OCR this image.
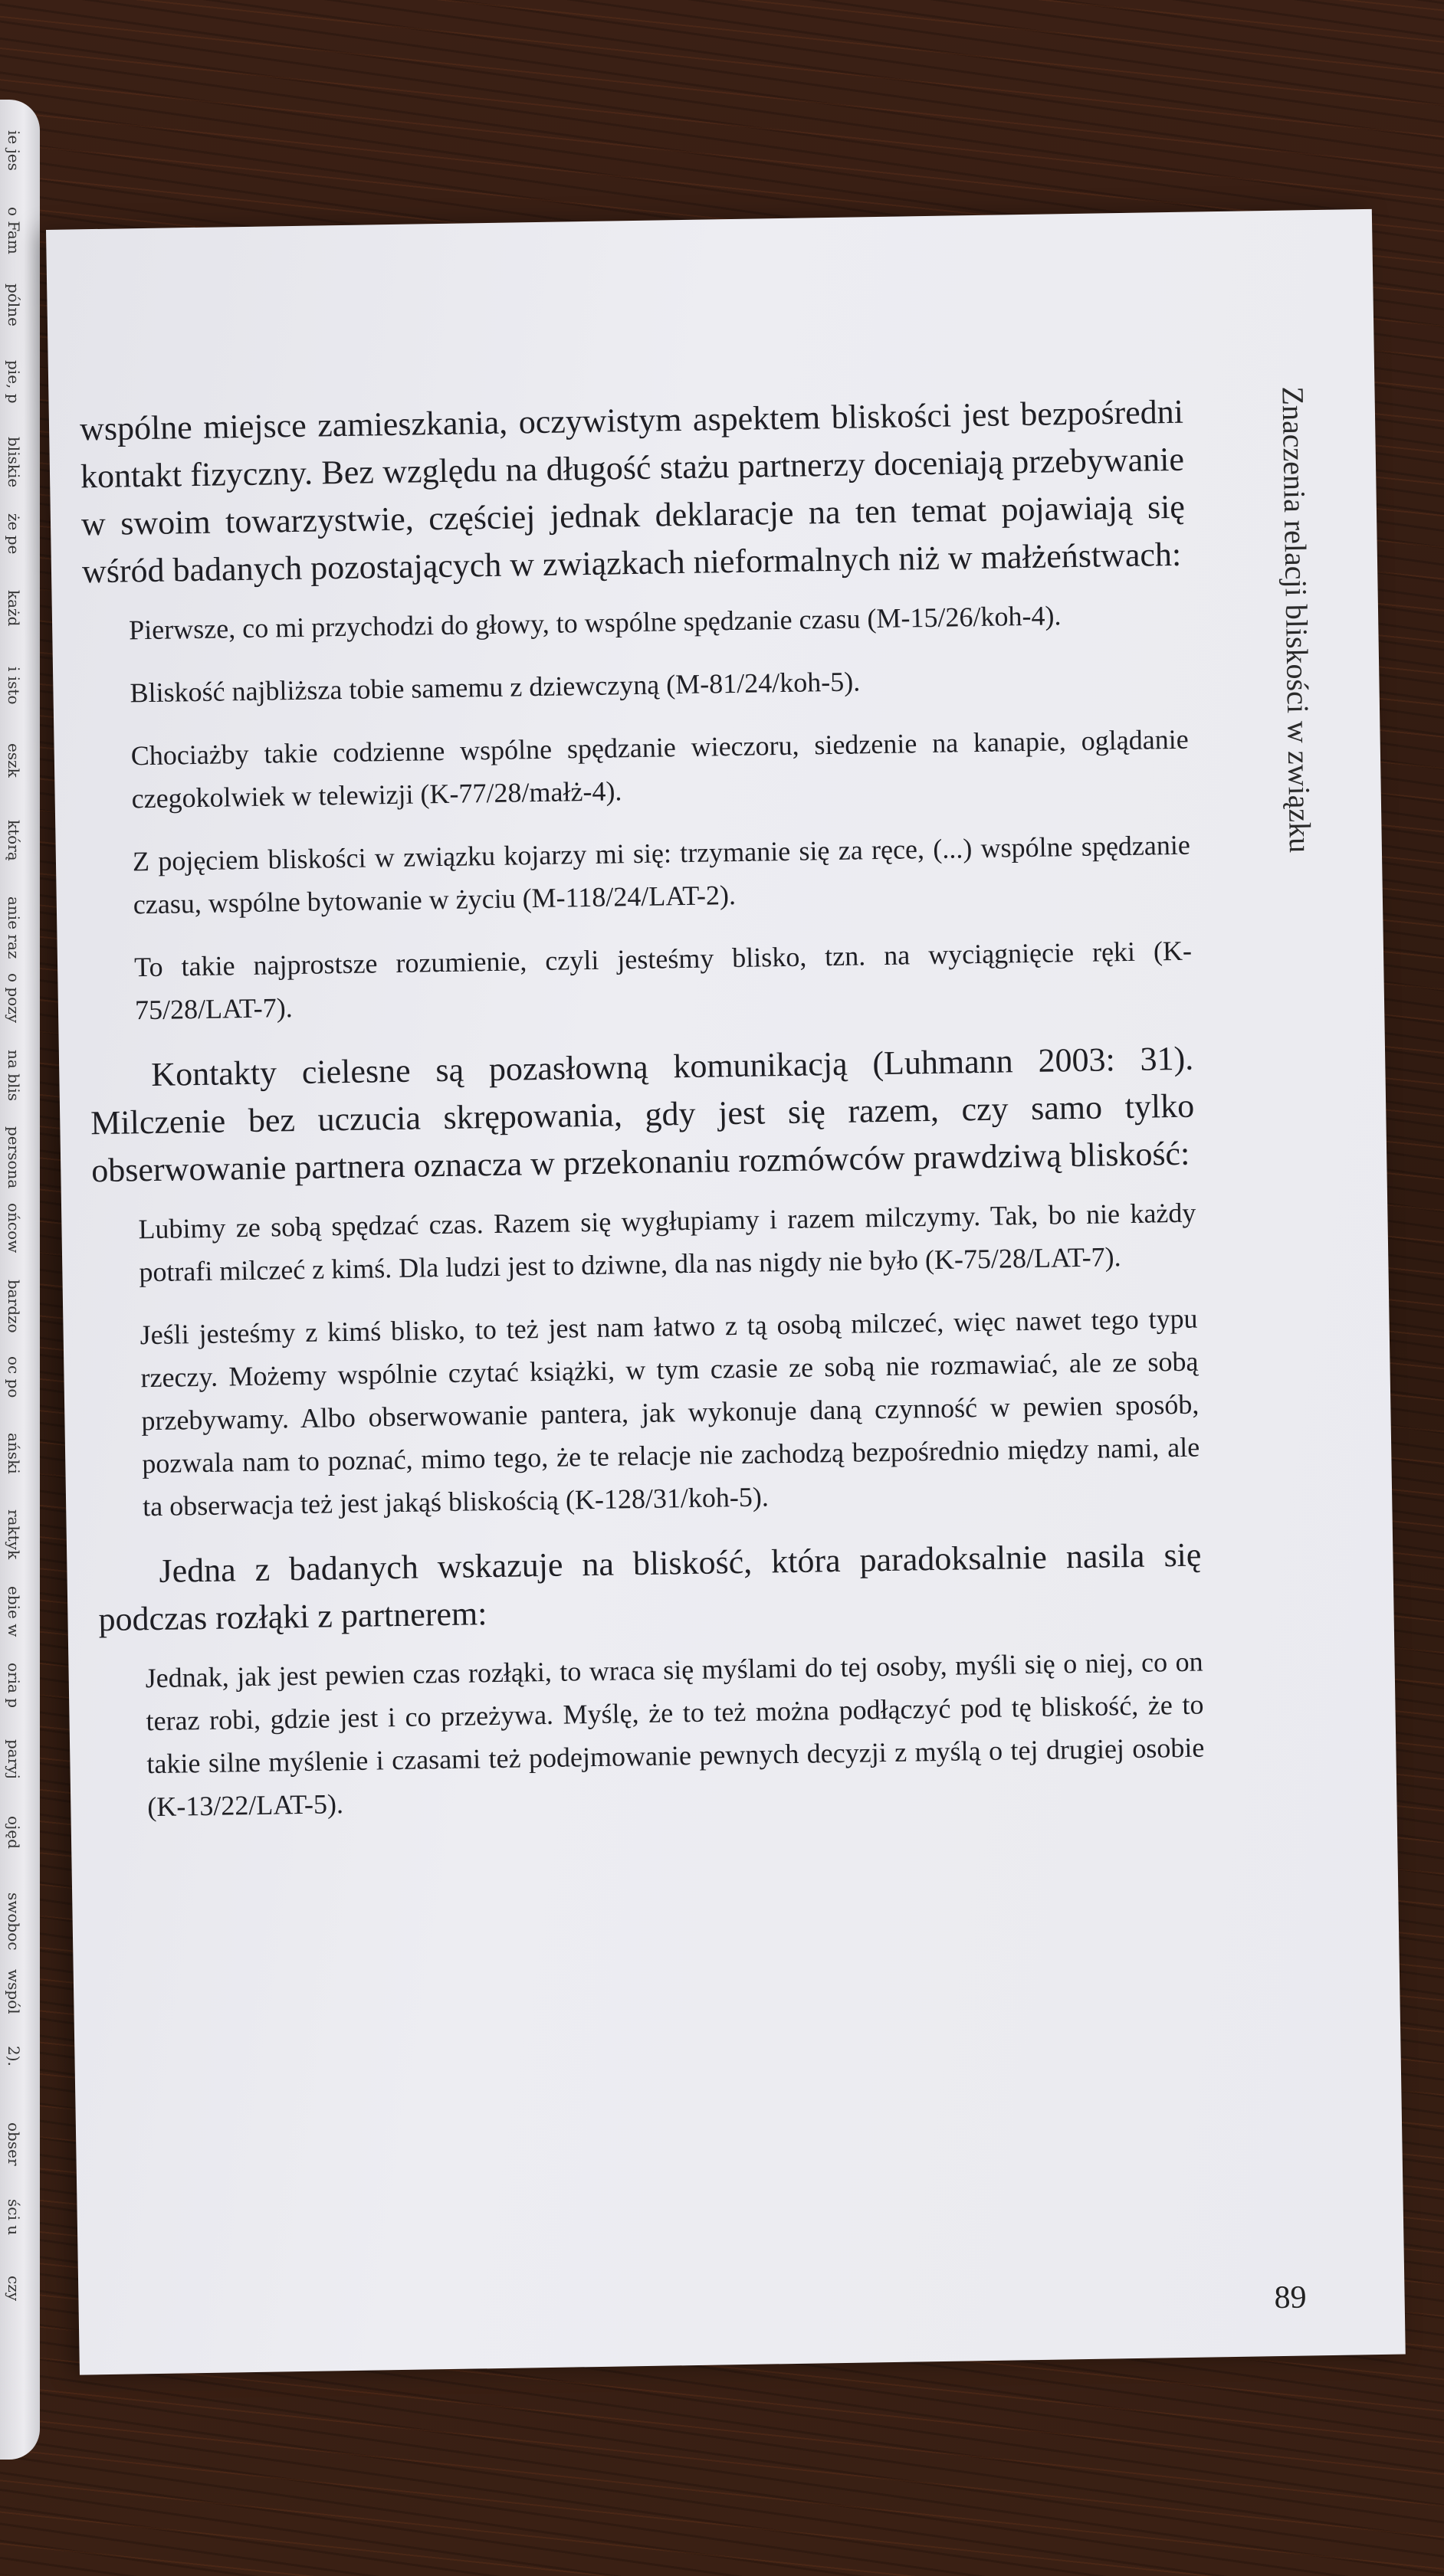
ie jes
o Fam
pólne
pie, p
bliskie
że pe
każd
i isto
eszk
którą
anie raz
o pozy
na blis
persona
ońcow
bardzo
oc po
ański
raktyk
ebie w
oria p
paryj
ojęd
swoboc
wspól
2).
obser
ści u
czy
Znaczenia relacji bliskości w związku

wspólne miejsce zamieszkania, oczywistym aspektem bliskości jest bezpośredni kontakt fizyczny. Bez względu na długość stażu partnerzy doceniają przebywanie w swoim towarzystwie, częściej jednak deklaracje na ten temat pojawiają się wśród badanych pozostających w związkach nieformalnych niż w małżeństwach:

Pierwsze, co mi przychodzi do głowy, to wspólne spędzanie czasu (M-15/26/koh-4).

Bliskość najbliższa tobie samemu z dziewczyną (M-81/24/koh-5).

Chociażby takie codzienne wspólne spędzanie wieczoru, siedzenie na kanapie, oglądanie czegokolwiek w telewizji (K-77/28/małż-4).

Z pojęciem bliskości w związku kojarzy mi się: trzymanie się za ręce, (...) wspólne spędzanie czasu, wspólne bytowanie w życiu (M-118/24/LAT-2).

To takie najprostsze rozumienie, czyli jesteśmy blisko, tzn. na wyciągnięcie ręki (K-75/28/LAT-7).

Kontakty cielesne są pozasłowną komunikacją (Luhmann 2003: 31). Milczenie bez uczucia skrępowania, gdy jest się razem, czy samo tylko obserwowanie partnera oznacza w przekonaniu rozmówców prawdziwą bliskość:

Lubimy ze sobą spędzać czas. Razem się wygłupiamy i razem milczymy. Tak, bo nie każdy potrafi milczeć z kimś. Dla ludzi jest to dziwne, dla nas nigdy nie było (K-75/28/LAT-7).

Jeśli jesteśmy z kimś blisko, to też jest nam łatwo z tą osobą milczeć, więc nawet tego typu rzeczy. Możemy wspólnie czytać książki, w tym czasie ze sobą nie rozmawiać, ale ze sobą przebywamy. Albo obserwowanie pantera, jak wykonuje daną czynność w pewien sposób, pozwala nam to poznać, mimo tego, że te relacje nie zachodzą bezpośrednio między nami, ale ta obserwacja też jest jakąś bliskością (K-128/31/koh-5).

Jedna z badanych wskazuje na bliskość, która paradoksalnie nasila się podczas rozłąki z partnerem:

Jednak, jak jest pewien czas rozłąki, to wraca się myślami do tej osoby, myśli się o niej, co on teraz robi, gdzie jest i co przeżywa. Myślę, że to też można podłączyć pod tę bliskość, że to takie silne myślenie i czasami też podejmowanie pewnych decyzji z myślą o tej drugiej osobie (K-13/22/LAT-5).

89
